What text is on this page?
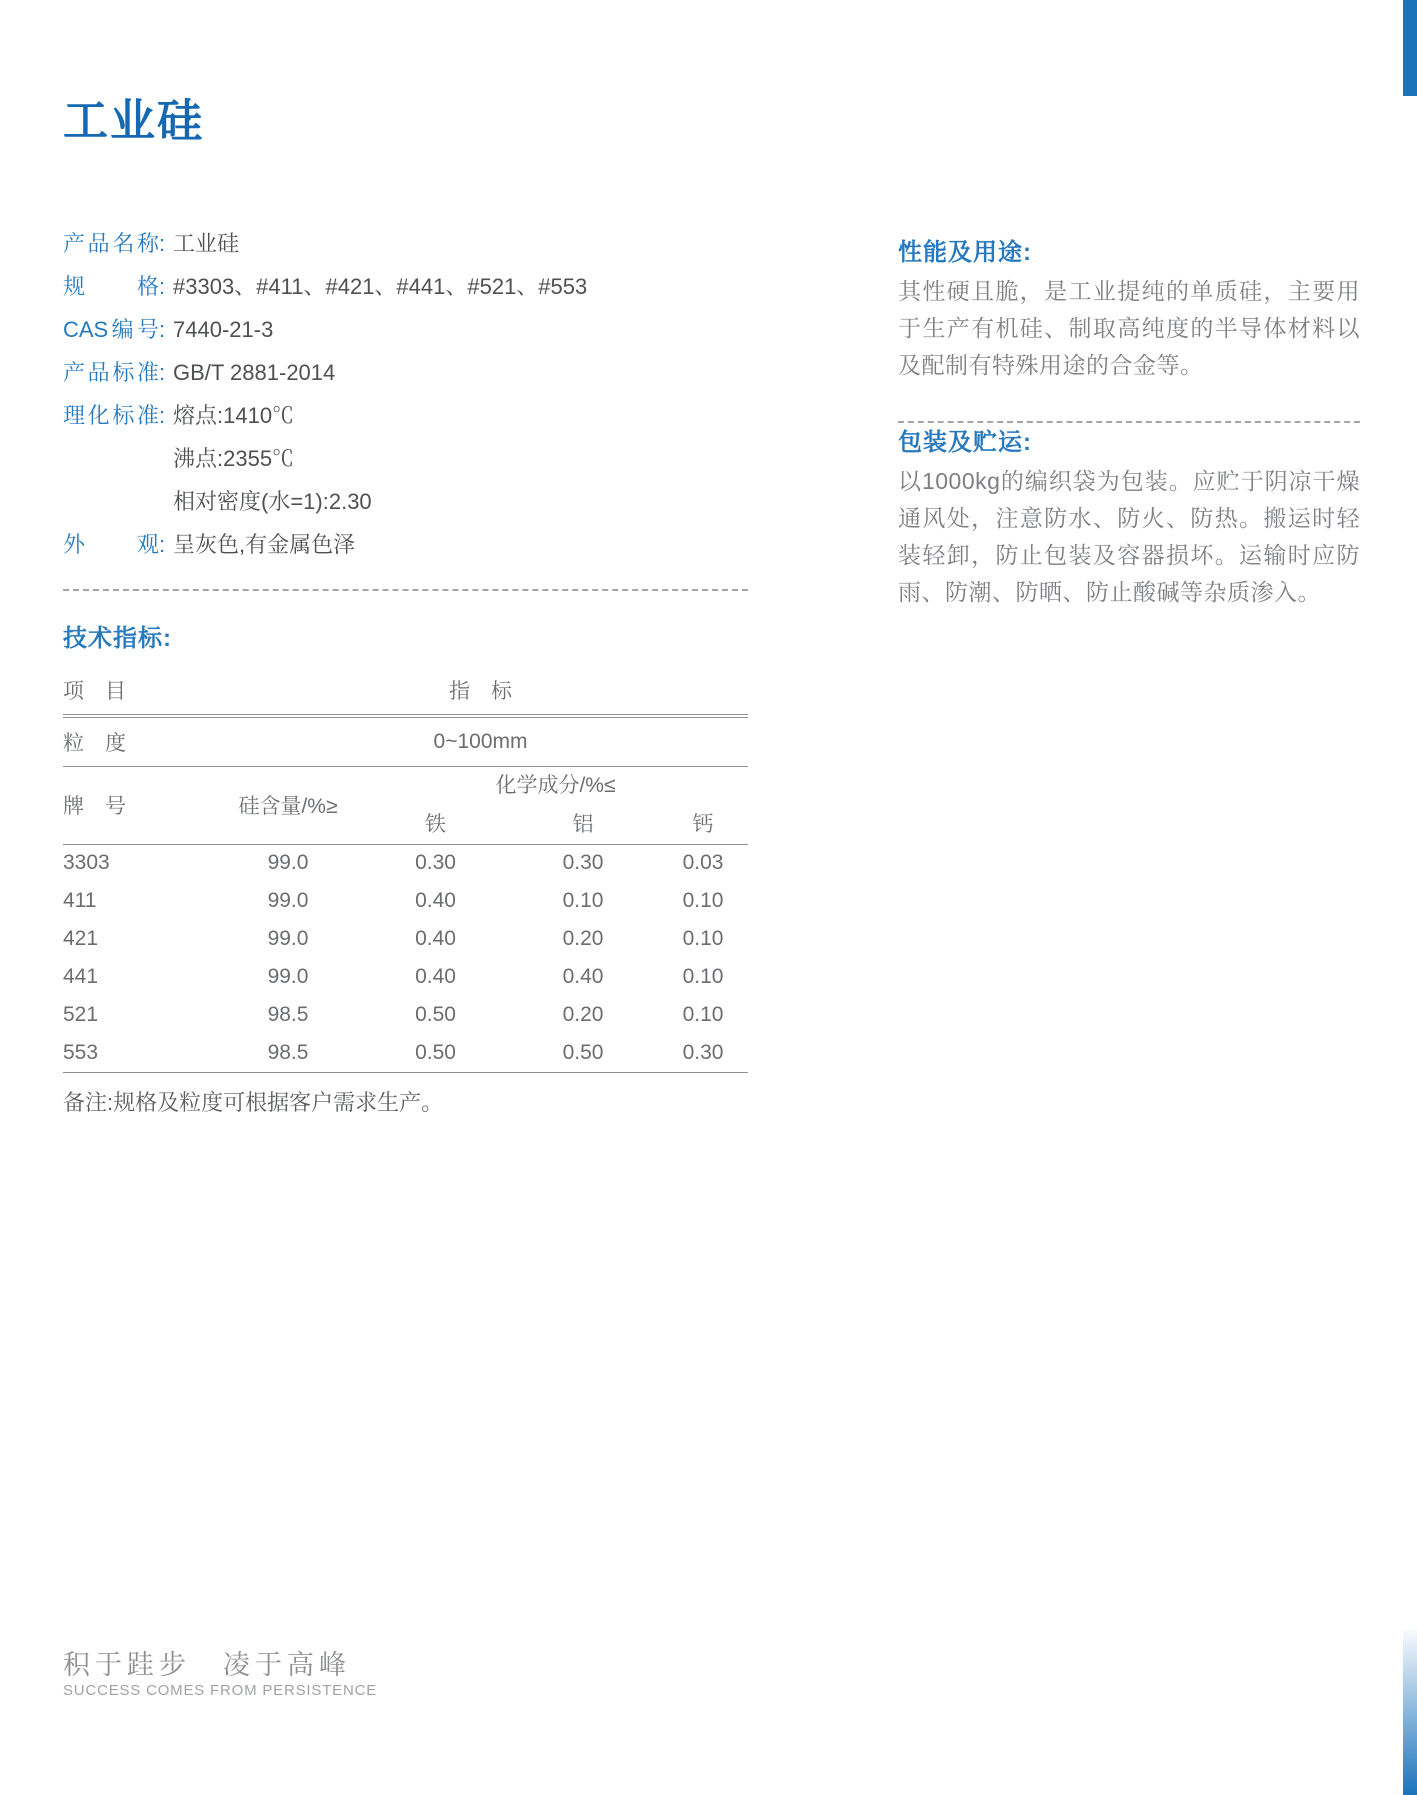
工业硅
产品名称: 工业硅
规格: #3303、#411、#421、#441、#521、#553
CAS编号: 7440-21-3
产品标准: GB/T 2881-2014
理化标准: 熔点:1410℃
沸点:2355℃
相对密度(水=1):2.30
外观: 呈灰色,有金属色泽
技术指标:
项　目	指　标			
粒　度	0~100mm			
牌　号	硅含量/%≥	化学成分/%≤		
		铁	铝	钙
3303	99.0	0.30	0.30	0.03
411	99.0	0.40	0.10	0.10
421	99.0	0.40	0.20	0.10
441	99.0	0.40	0.40	0.10
521	98.5	0.50	0.20	0.10
553	98.5	0.50	0.50	0.30
备注:规格及粒度可根据客户需求生产。
性能及用途:
其性硬且脆，是工业提纯的单质硅，主要用于生产有机硅、制取高纯度的半导体材料以及配制有特殊用途的合金等。
包装及贮运:
以1000kg的编织袋为包装。应贮于阴凉干燥通风处，注意防水、防火、防热。搬运时轻装轻卸，防止包装及容器损坏。运输时应防雨、防潮、防晒、防止酸碱等杂质渗入。
积于跬步　凌于高峰
SUCCESS COMES FROM PERSISTENCE
